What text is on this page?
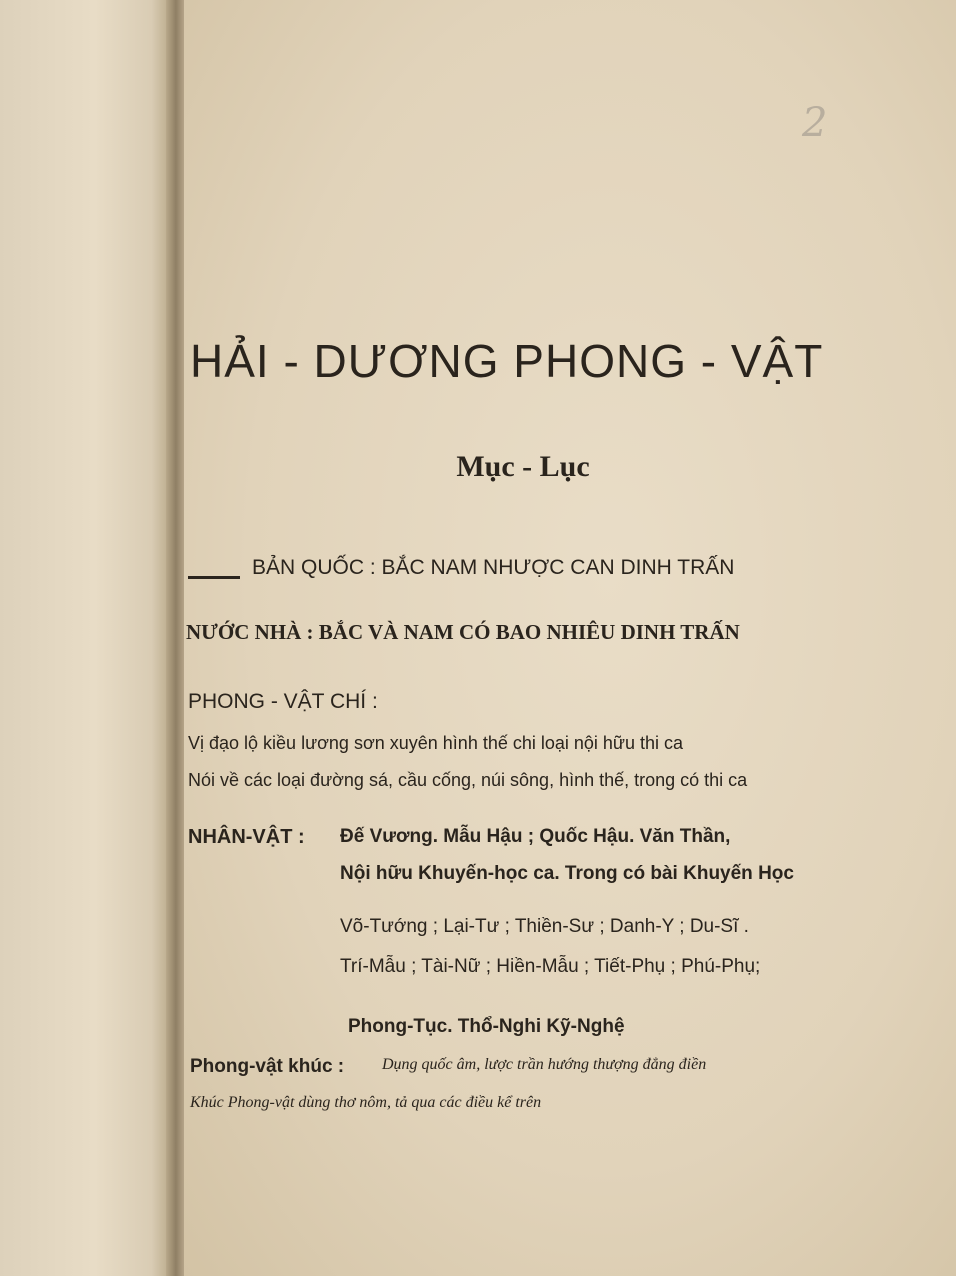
2
HẢI - DƯƠNG PHONG - VẬT
Mục - Lục
BẢN QUỐC : BẮC NAM NHƯỢC CAN DINH TRẤN
NƯỚC NHÀ : BẮC VÀ NAM CÓ BAO NHIÊU DINH TRẤN
PHONG - VẬT CHÍ :
Vị đạo lộ kiều lương sơn xuyên hình thế chi loại nội hữu thi ca
Nói về các loại đường sá, cầu cống, núi sông, hình thế, trong có thi ca
NHÂN-VẬT : Đế Vương. Mẫu Hậu ; Quốc Hậu. Văn Thần,
Nội hữu Khuyến-học ca. Trong có bài Khuyến Học
Võ-Tướng ; Lại-Tư ; Thiền-Sư ; Danh-Y ; Du-Sĩ .
Trí-Mẫu ; Tài-Nữ ; Hiền-Mẫu ; Tiết-Phụ ; Phú-Phụ;
Phong-Tục. Thổ-Nghi Kỹ-Nghệ
Phong-vật khúc : Dụng quốc âm, lược trần hướng thượng đẳng điền
Khúc Phong-vật dùng thơ nôm, tả qua các điều kể trên
